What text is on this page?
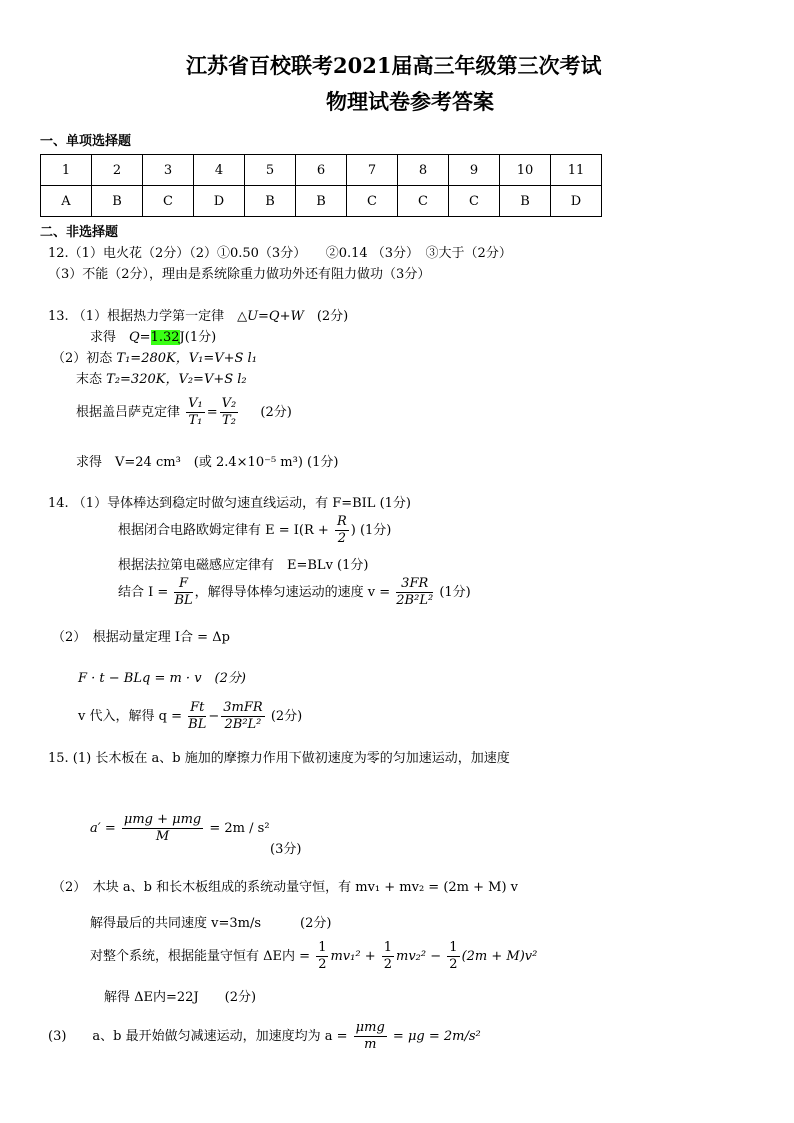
江苏省百校联考2021届高三年级第三次考试
物理试卷参考答案
一、单项选择题
1	2	3	4	5	6	7	8	9	10	11
A	B	C	D	B	B	C	C	C	B	D
二、非选择题
12.（1）电火花（2分）（2）①0.50（3分）　　②0.14 （3分）　③大于（2分）
（3）不能（2分），理由是系统除重力做功外还有阻力做功（3分）
13. （1）根据热力学第一定律　△U=Q+W　(2分)
求得　Q=1.32J(1分)
（2）初态 T₁=280K，V₁=V+S l₁
末态 T₂=320K，V₂=V+S l₂
根据盖吕萨克定律 $\frac{\text{V₁}}{\text{T₁}} = \frac{\text{V₂}}{\text{T₂}} (2$分)
求得　V=24 cm³　(或 2.4×10⁻⁵ m³) (1分)
14. （1）导体棒达到稳定时做匀速直线运动，有 F=BIL (1分)
根据闭合电路欧姆定律有 $E = I(R + \frac{R}{2}$ ) (1分)
根据法拉第电磁感应定律有　E=BLv (1分)
结合 $I = \frac{F}{BL}$ ，解得导体棒匀速运动的速度 $v = \frac{3FR}{\text{2B²L²}} (1$分)
（2）　根据动量定理 I合 = Δp
F · t − BLq = m · v　(2分)
v 代入，解得 $q = \frac{Ft}{BL} - \frac{\text{3mFR}}{\text{2B²L²}} (2$分)
15. (1) 长木板在 a、b 施加的摩擦力作用下做初速度为零的匀加速运动，加速度
$a' = \frac{\text{μmg + μmg}}{M} = 2m / s^2$
(3分)
（2）　木块 a、b 和长木板组成的系统动量守恒，有 mv₁ + mv₂ = (2m + M) v
解得最后的共同速度 v=3m/s　　　(2分)
对整个系统，根据能量守恒有 ΔE内 = $\frac{1}{2} mv_1^2 + \frac{1}{2} mv_2^2 - \frac{1}{2} (2m + M)v^2$
解得 ΔE内=22J　　(2分)
(3)　　a、b 最开始做匀减速运动，加速度均为 $a = \frac{\text{μmg}}{m} = \mu g = 2m/s^2$
